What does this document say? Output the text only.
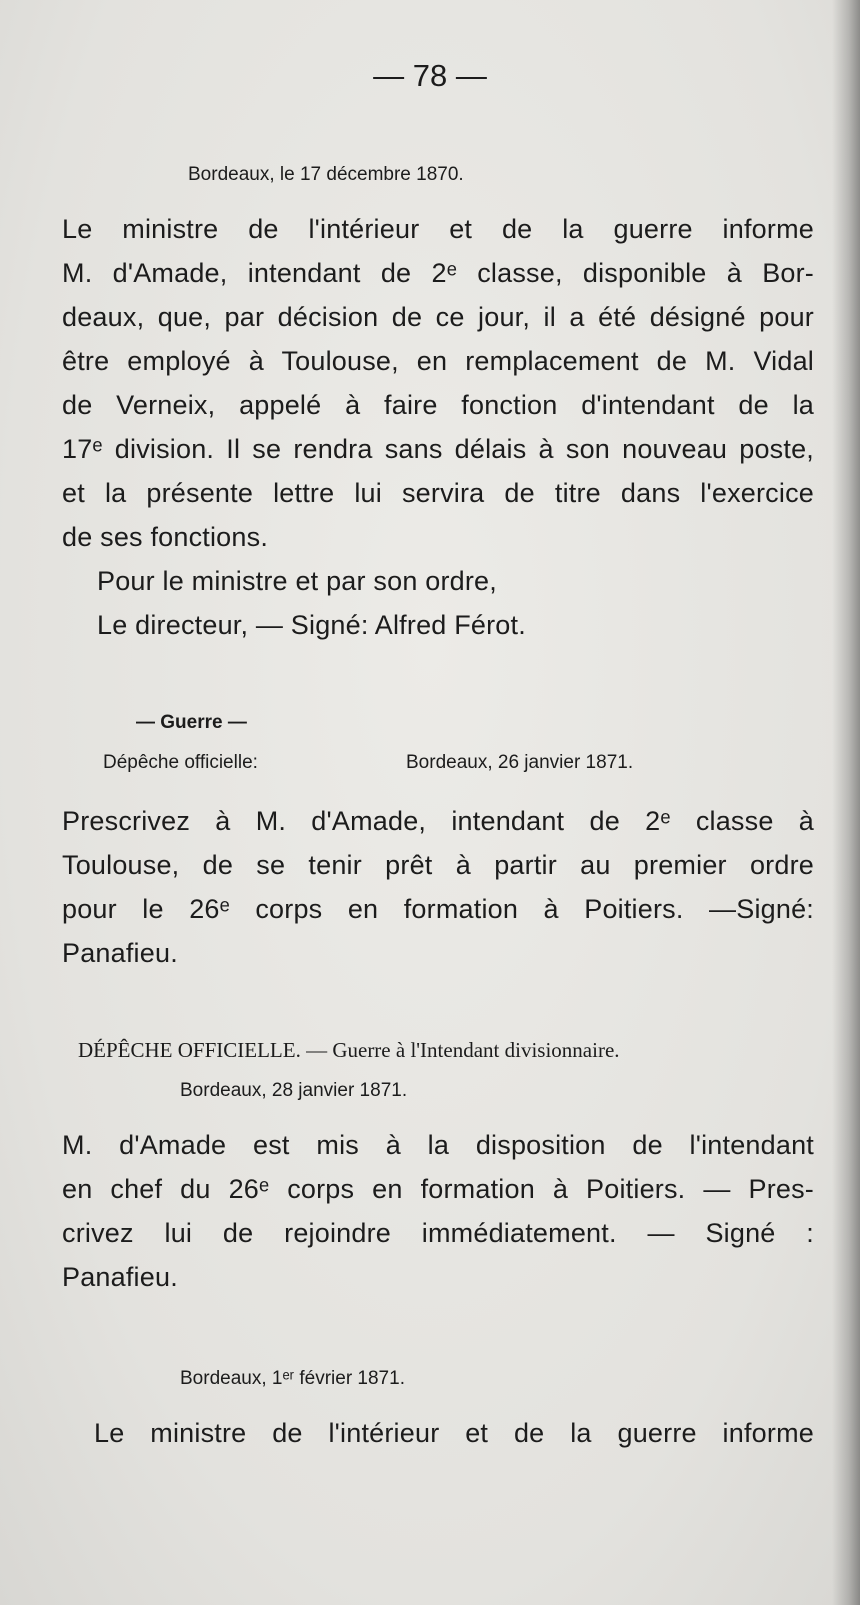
— 78 —
Bordeaux, le 17 décembre 1870.
Le ministre de l'intérieur et de la guerre informe
M. d'Amade, intendant de 2ᵉ classe, disponible à Bor-
deaux, que, par décision de ce jour, il a été désigné pour
être employé à Toulouse, en remplacement de M. Vidal
de Verneix, appelé à faire fonction d'intendant de la
17ᵉ division. Il se rendra sans délais à son nouveau poste,
et la présente lettre lui servira de titre dans l'exercice
de ses fonctions.
Pour le ministre et par son ordre,
Le directeur, — Signé: Alfred Férot.
— Guerre —
Dépêche officielle:	Bordeaux, 26 janvier 1871.
Prescrivez à M. d'Amade, intendant de 2ᵉ classe à
Toulouse, de se tenir prêt à partir au premier ordre
pour le 26ᵉ corps en formation à Poitiers. —Signé:
Panafieu.
DÉPÊCHE OFFICIELLE. — Guerre à l'Intendant divisionnaire.
Bordeaux, 28 janvier 1871.
M. d'Amade est mis à la disposition de l'intendant
en chef du 26ᵉ corps en formation à Poitiers. — Pres-
crivez lui de rejoindre immédiatement. — Signé :
Panafieu.
Bordeaux, 1ᵉʳ février 1871.
Le ministre de l'intérieur et de la guerre informe
